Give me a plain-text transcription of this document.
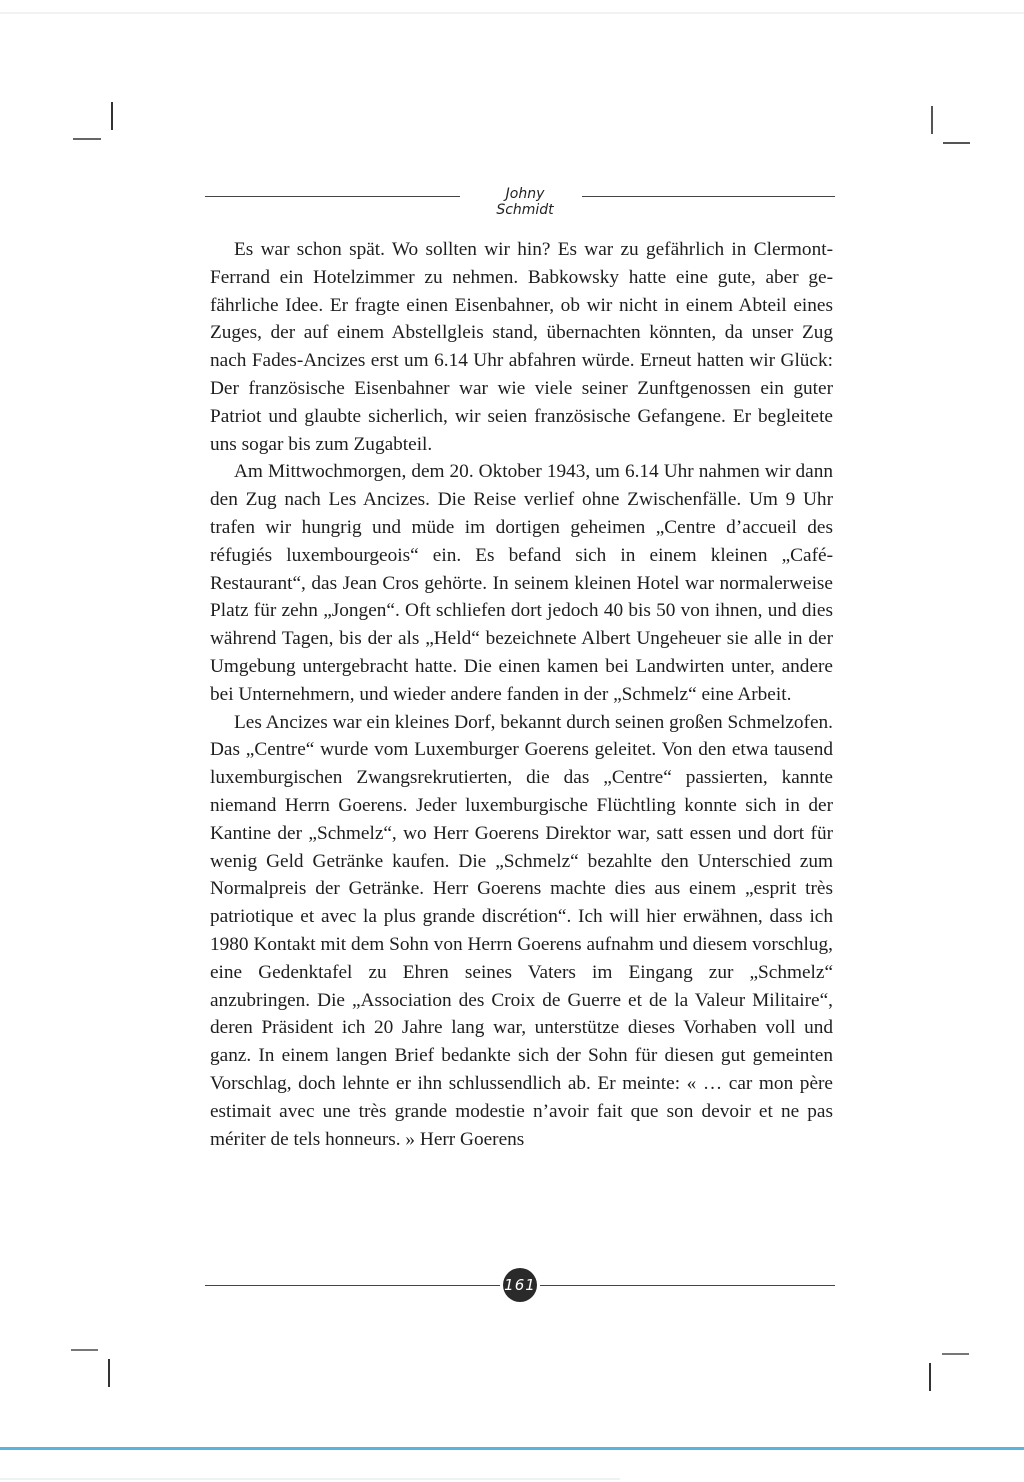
Johny Schmidt

Es war schon spät. Wo sollten wir hin? Es war zu gefährlich in Clermont-Ferrand ein Hotelzimmer zu nehmen. Babkowsky hatte eine gute, aber gefährliche Idee. Er fragte einen Eisenbahner, ob wir nicht in einem Abteil eines Zuges, der auf einem Abstellgleis stand, übernachten könnten, da unser Zug nach Fades-Ancizes erst um 6.14 Uhr abfahren würde. Erneut hatten wir Glück: Der französische Eisenbahner war wie viele seiner Zunftgenossen ein guter Patriot und glaubte sicherlich, wir seien französische Gefangene. Er begleitete uns sogar bis zum Zugabteil.

Am Mittwochmorgen, dem 20. Oktober 1943, um 6.14 Uhr nahmen wir dann den Zug nach Les Ancizes. Die Reise verlief ohne Zwischenfälle. Um 9 Uhr trafen wir hungrig und müde im dortigen geheimen „Centre d’accueil des réfugiés luxembourgeois“ ein. Es befand sich in einem kleinen „Café-Restaurant“, das Jean Cros gehörte. In seinem kleinen Hotel war normalerweise Platz für zehn „Jongen“. Oft schliefen dort jedoch 40 bis 50 von ihnen, und dies während Tagen, bis der als „Held“ bezeichnete Albert Ungeheuer sie alle in der Umgebung untergebracht hatte. Die einen kamen bei Landwirten unter, andere bei Unternehmern, und wieder andere fanden in der „Schmelz“ eine Arbeit.

Les Ancizes war ein kleines Dorf, bekannt durch seinen großen Schmelzofen. Das „Centre“ wurde vom Luxemburger Goerens geleitet. Von den etwa tausend luxemburgischen Zwangsrekrutierten, die das „Centre“ passierten, kannte niemand Herrn Goerens. Jeder luxemburgische Flüchtling konnte sich in der Kantine der „Schmelz“, wo Herr Goerens Direktor war, satt essen und dort für wenig Geld Getränke kaufen. Die „Schmelz“ bezahlte den Unterschied zum Normalpreis der Getränke. Herr Goerens machte dies aus einem „esprit très patriotique et avec la plus grande discrétion“. Ich will hier erwähnen, dass ich 1980 Kontakt mit dem Sohn von Herrn Goerens aufnahm und diesem vorschlug, eine Gedenktafel zu Ehren seines Vaters im Eingang zur „Schmelz“ anzubringen. Die „Association des Croix de Guerre et de la Valeur Militaire“, deren Präsident ich 20 Jahre lang war, unterstütze dieses Vorhaben voll und ganz. In einem langen Brief bedankte sich der Sohn für diesen gut gemeinten Vorschlag, doch lehnte er ihn schlussendlich ab. Er meinte: « … car mon père estimait avec une très grande modestie n’avoir fait que son devoir et ne pas mériter de tels honneurs. » Herr Goerens

161
